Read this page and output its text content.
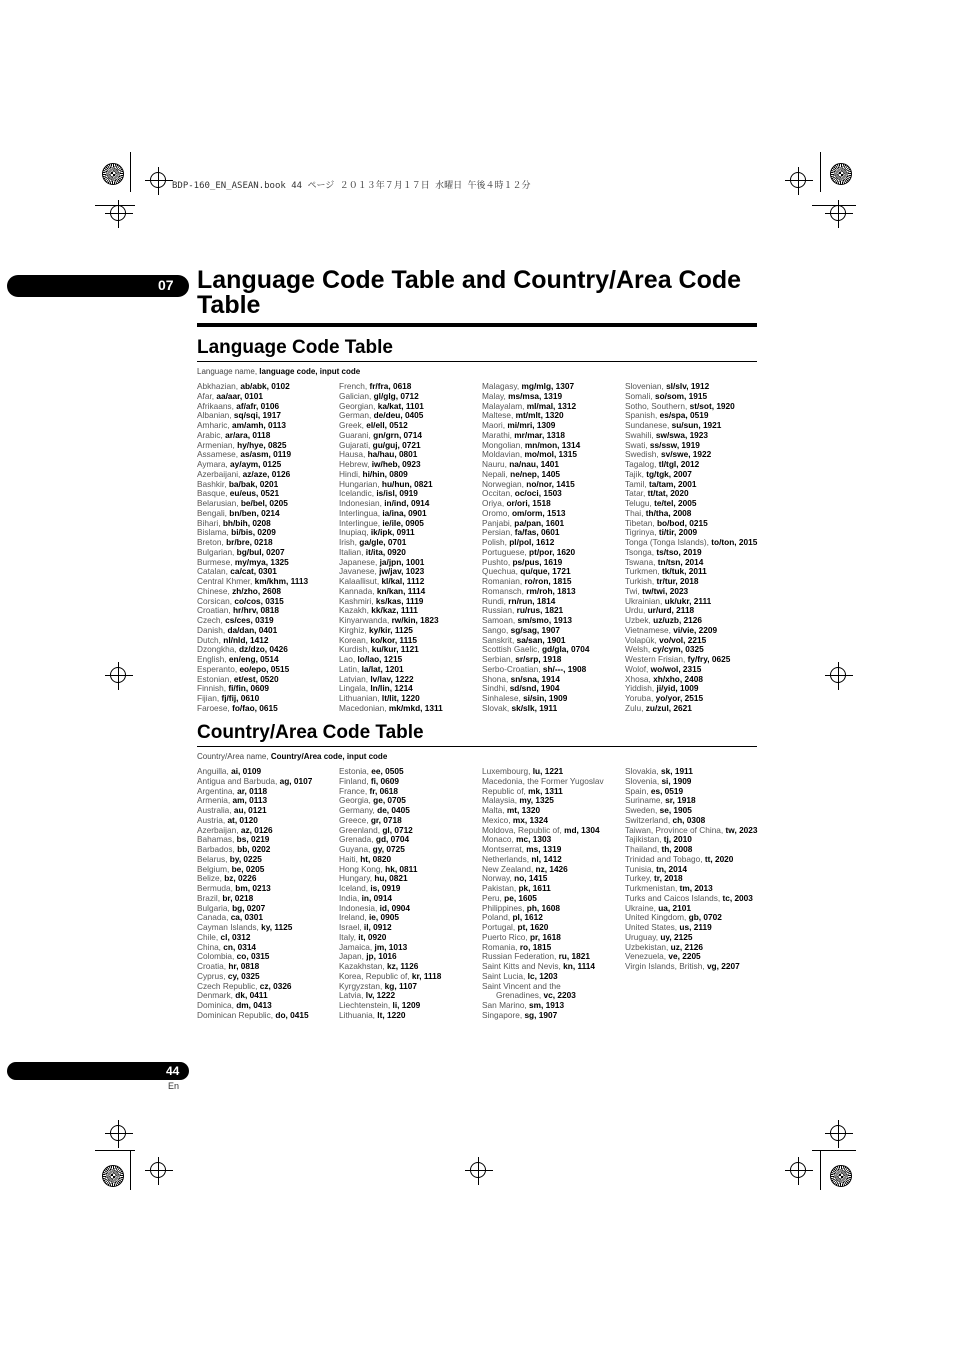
BDP-160_EN_ASEAN.book 44 ページ ２０１３年７月１７日 水曜日 午後４時１２分
07 Language Code Table and Country/Area Code Table
Language Code Table
Language name, language code, input code
Abkhazian, ab/abk, 0102
Afar, aa/aar, 0101
Afrikaans, af/afr, 0106
Albanian, sq/sqi, 1917
Amharic, am/amh, 0113
Arabic, ar/ara, 0118
Armenian, hy/hye, 0825
Assamese, as/asm, 0119
Aymara, ay/aym, 0125
Azerbaijani, az/aze, 0126
Bashkir, ba/bak, 0201
Basque, eu/eus, 0521
Belarusian, be/bel, 0205
Bengali, bn/ben, 0214
Bihari, bh/bih, 0208
Bislama, bi/bis, 0209
Breton, br/bre, 0218
Bulgarian, bg/bul, 0207
Burmese, my/mya, 1325
Catalan, ca/cat, 0301
Central Khmer, km/khm, 1113
Chinese, zh/zho, 2608
Corsican, co/cos, 0315
Croatian, hr/hrv, 0818
Czech, cs/ces, 0319
Danish, da/dan, 0401
Dutch, nl/nld, 1412
Dzongkha, dz/dzo, 0426
English, en/eng, 0514
Esperanto, eo/epo, 0515
Estonian, et/est, 0520
Finnish, fi/fin, 0609
Fijian, fj/fij, 0610
Faroese, fo/fao, 0615
French, fr/fra, 0618
Galician, gl/glg, 0712
Georgian, ka/kat, 1101
German, de/deu, 0405
Greek, el/ell, 0512
Guarani, gn/grn, 0714
Gujarati, gu/guj, 0721
Hausa, ha/hau, 0801
Hebrew, iw/heb, 0923
Hindi, hi/hin, 0809
Hungarian, hu/hun, 0821
Icelandic, is/isl, 0919
Indonesian, in/ind, 0914
Interlingua, ia/ina, 0901
Interlingue, ie/ile, 0905
Inupiaq, ik/ipk, 0911
Irish, ga/gle, 0701
Italian, it/ita, 0920
Japanese, ja/jpn, 1001
Javanese, jw/jav, 1023
Kalaallisut, kl/kal, 1112
Kannada, kn/kan, 1114
Kashmiri, ks/kas, 1119
Kazakh, kk/kaz, 1111
Kinyarwanda, rw/kin, 1823
Kirghiz, ky/kir, 1125
Korean, ko/kor, 1115
Kurdish, ku/kur, 1121
Lao, lo/lao, 1215
Latin, la/lat, 1201
Latvian, lv/lav, 1222
Lingala, ln/lin, 1214
Lithuanian, lt/lit, 1220
Macedonian, mk/mkd, 1311
Malagasy, mg/mlg, 1307
Malay, ms/msa, 1319
Malayalam, ml/mal, 1312
Maltese, mt/mlt, 1320
Maori, mi/mri, 1309
Marathi, mr/mar, 1318
Mongolian, mn/mon, 1314
Moldavian, mo/mol, 1315
Nauru, na/nau, 1401
Nepali, ne/nep, 1405
Norwegian, no/nor, 1415
Occitan, oc/oci, 1503
Oriya, or/ori, 1518
Oromo, om/orm, 1513
Panjabi, pa/pan, 1601
Persian, fa/fas, 0601
Polish, pl/pol, 1612
Portuguese, pt/por, 1620
Pushto, ps/pus, 1619
Quechua, qu/que, 1721
Romanian, ro/ron, 1815
Romansch, rm/roh, 1813
Rundi, rn/run, 1814
Russian, ru/rus, 1821
Samoan, sm/smo, 1913
Sango, sg/sag, 1907
Sanskrit, sa/san, 1901
Scottish Gaelic, gd/gla, 0704
Serbian, sr/srp, 1918
Serbo-Croatian, sh/---, 1908
Shona, sn/sna, 1914
Sindhi, sd/snd, 1904
Sinhalese, si/sin, 1909
Slovak, sk/slk, 1911
Slovenian, sl/slv, 1912
Somali, so/som, 1915
Sotho, Southern, st/sot, 1920
Spanish, es/spa, 0519
Sundanese, su/sun, 1921
Swahili, sw/swa, 1923
Swati, ss/ssw, 1919
Swedish, sv/swe, 1922
Tagalog, tl/tgl, 2012
Tajik, tg/tgk, 2007
Tamil, ta/tam, 2001
Tatar, tt/tat, 2020
Telugu, te/tel, 2005
Thai, th/tha, 2008
Tibetan, bo/bod, 0215
Tigrinya, ti/tir, 2009
Tonga (Tonga Islands), to/ton, 2015
Tsonga, ts/tso, 2019
Tswana, tn/tsn, 2014
Turkmen, tk/tuk, 2011
Turkish, tr/tur, 2018
Twi, tw/twi, 2023
Ukrainian, uk/ukr, 2111
Urdu, ur/urd, 2118
Uzbek, uz/uzb, 2126
Vietnamese, vi/vie, 2209
Volapük, vo/vol, 2215
Welsh, cy/cym, 0325
Western Frisian, fy/fry, 0625
Wolof, wo/wol, 2315
Xhosa, xh/xho, 2408
Yiddish, ji/yid, 1009
Yoruba, yo/yor, 2515
Zulu, zu/zul, 2621
Country/Area Code Table
Country/Area name, Country/Area code, input code
Anguilla, ai, 0109
Antigua and Barbuda, ag, 0107
Argentina, ar, 0118
Armenia, am, 0113
Australia, au, 0121
Austria, at, 0120
Azerbaijan, az, 0126
Bahamas, bs, 0219
Barbados, bb, 0202
Belarus, by, 0225
Belgium, be, 0205
Belize, bz, 0226
Bermuda, bm, 0213
Brazil, br, 0218
Bulgaria, bg, 0207
Canada, ca, 0301
Cayman Islands, ky, 1125
Chile, cl, 0312
China, cn, 0314
Colombia, co, 0315
Croatia, hr, 0818
Cyprus, cy, 0325
Czech Republic, cz, 0326
Denmark, dk, 0411
Dominica, dm, 0413
Dominican Republic, do, 0415
Estonia, ee, 0505
Finland, fi, 0609
France, fr, 0618
Georgia, ge, 0705
Germany, de, 0405
Greece, gr, 0718
Greenland, gl, 0712
Grenada, gd, 0704
Guyana, gy, 0725
Haiti, ht, 0820
Hong Kong, hk, 0811
Hungary, hu, 0821
Iceland, is, 0919
India, in, 0914
Indonesia, id, 0904
Ireland, ie, 0905
Israel, il, 0912
Italy, it, 0920
Jamaica, jm, 1013
Japan, jp, 1016
Kazakhstan, kz, 1126
Korea, Republic of, kr, 1118
Kyrgyzstan, kg, 1107
Latvia, lv, 1222
Liechtenstein, li, 1209
Lithuania, lt, 1220
Luxembourg, lu, 1221
Macedonia, the Former Yugoslav
Republic of, mk, 1311
Malaysia, my, 1325
Malta, mt, 1320
Mexico, mx, 1324
Moldova, Republic of, md, 1304
Monaco, mc, 1303
Montserrat, ms, 1319
Netherlands, nl, 1412
New Zealand, nz, 1426
Norway, no, 1415
Pakistan, pk, 1611
Peru, pe, 1605
Philippines, ph, 1608
Poland, pl, 1612
Portugal, pt, 1620
Puerto Rico, pr, 1618
Romania, ro, 1815
Russian Federation, ru, 1821
Saint Kitts and Nevis, kn, 1114
Saint Lucia, lc, 1203
Saint Vincent and the
Grenadines, vc, 2203
San Marino, sm, 1913
Singapore, sg, 1907
Slovakia, sk, 1911
Slovenia, si, 1909
Spain, es, 0519
Suriname, sr, 1918
Sweden, se, 1905
Switzerland, ch, 0308
Taiwan, Province of China, tw, 2023
Tajikistan, tj, 2010
Thailand, th, 2008
Trinidad and Tobago, tt, 2020
Tunisia, tn, 2014
Turkey, tr, 2018
Turkmenistan, tm, 2013
Turks and Caicos Islands, tc, 2003
Ukraine, ua, 2101
United Kingdom, gb, 0702
United States, us, 2119
Uruguay, uy, 2125
Uzbekistan, uz, 2126
Venezuela, ve, 2205
Virgin Islands, British, vg, 2207
44
En
